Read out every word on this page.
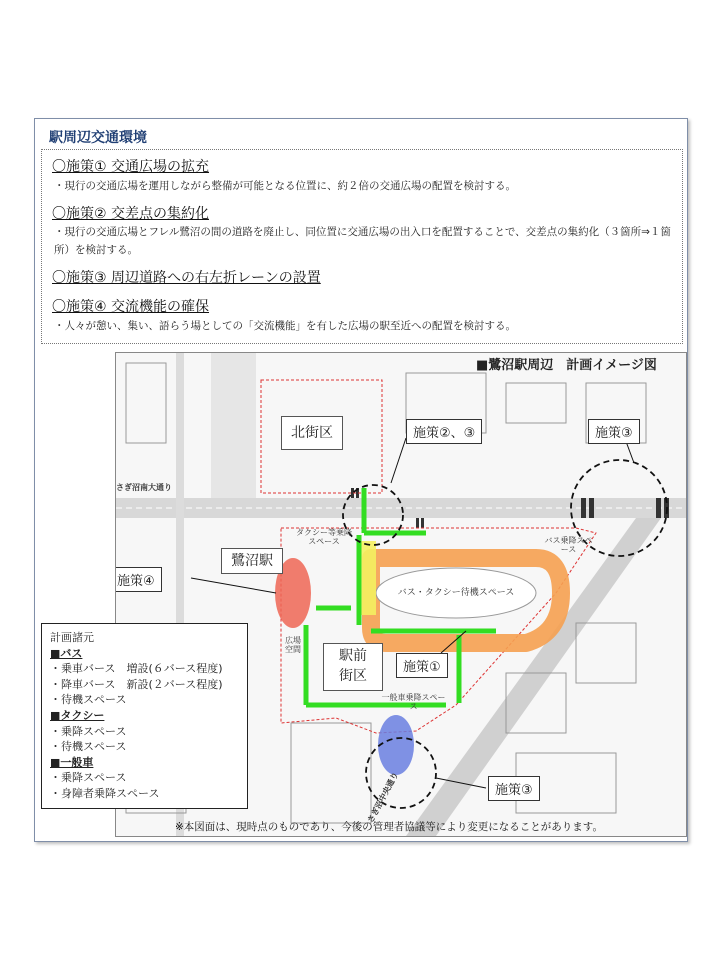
駅周辺交通環境
〇施策① 交通広場の拡充
・現行の交通広場を運用しながら整備が可能となる位置に、約２倍の交通広場の配置を検討する。
〇施策② 交差点の集約化
・現行の交通広場とフレル鷺沼の間の道路を廃止し、同位置に交通広場の出入口を配置することで、交差点の集約化（３箇所⇒１箇所）を検討する。
〇施策③ 周辺道路への右左折レーンの設置
〇施策④ 交流機能の確保
・人々が憩い、集い、語らう場としての「交流機能」を有した広場の駅至近への配置を検討する。
■鷺沼駅周辺　計画イメージ図
北街区
鷺沼駅
駅前
街区
さぎ沼南大通り
さぎ沼中央通り
タクシー等乗降スペース	バス乗降スペース
バス・タクシー待機スペース
広場空間
一般車乗降スペース
施策②、③	施策③
施策④
施策①
施策③
計画諸元
■バス
・乗車バース　増設(６バース程度)
・降車バース　新設(２バース程度)
・待機スペース
■タクシー
・乗降スペース
・待機スペース
■一般車
・乗降スペース
・身障者乗降スペース
※本図面は、現時点のものであり、今後の管理者協議等により変更になることがあります。
